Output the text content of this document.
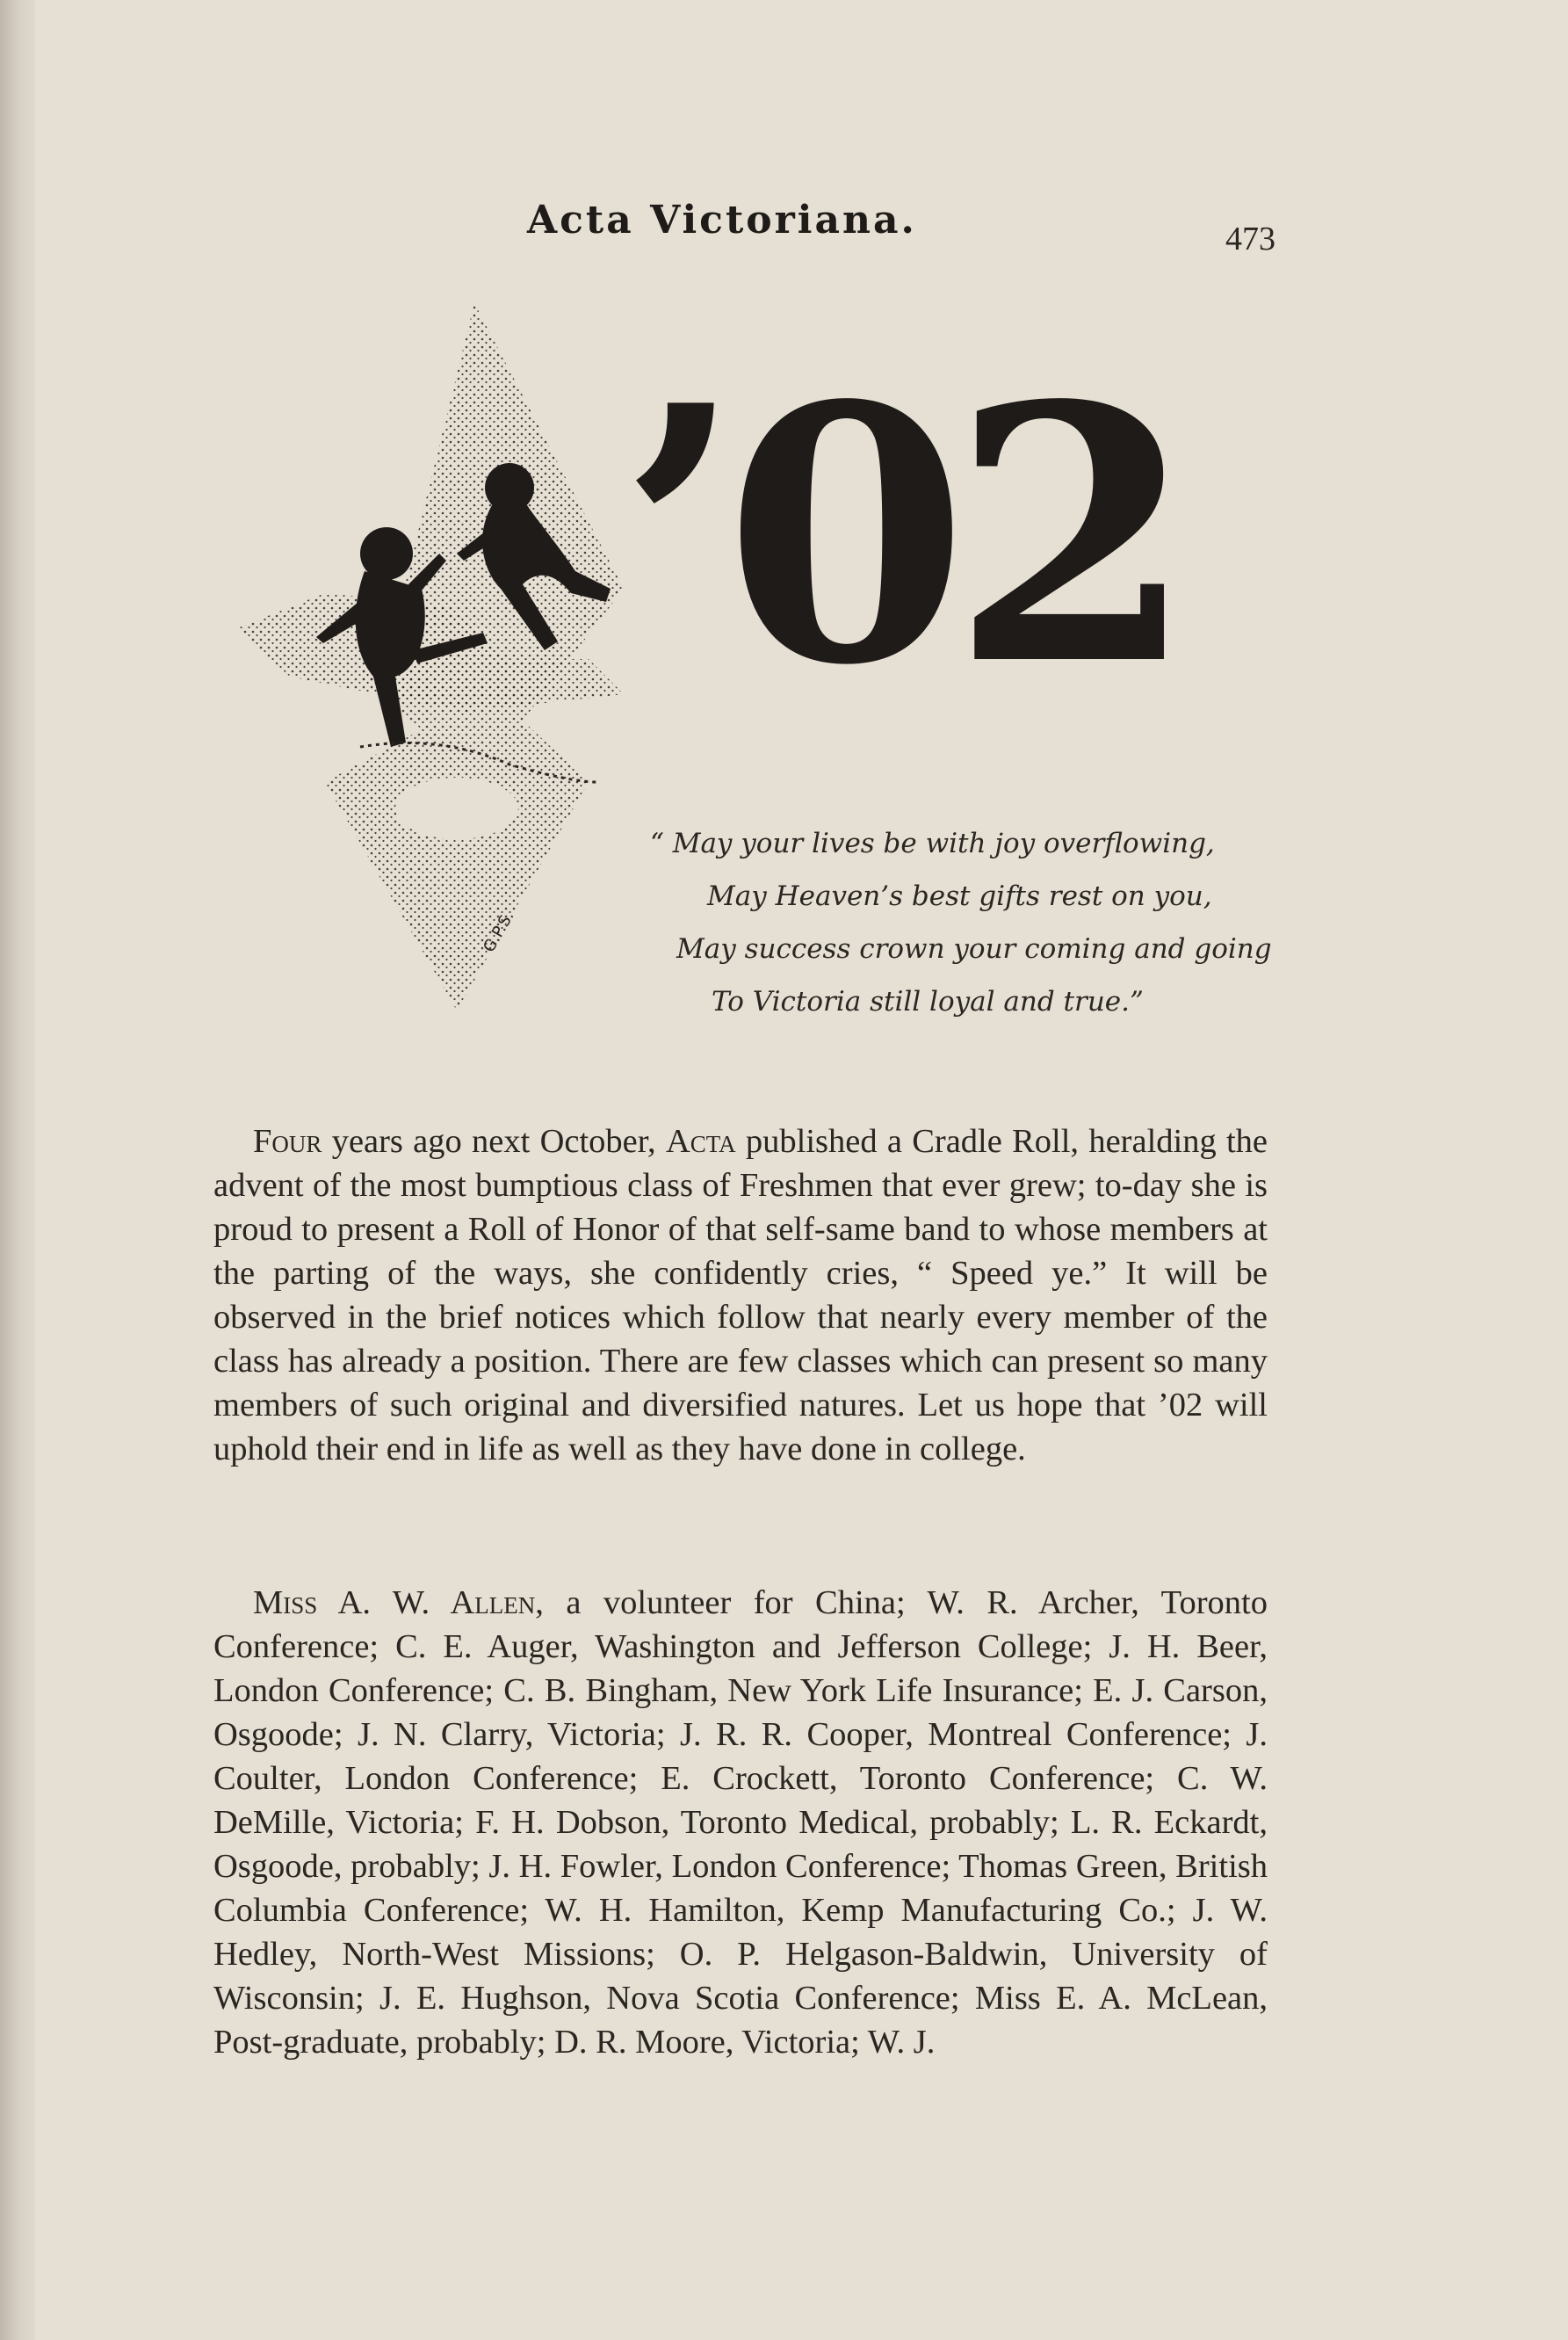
Acta Victoriana.	473
G.P.S.
’02
“ May your lives be with joy overflowing,
May Heaven’s best gifts rest on you,
May success crown your coming and going
To Victoria still loyal and true.”

Four years ago next October, Acta published a Cradle Roll, heralding the advent of the most bumptious class of Freshmen that ever grew; to-day she is proud to present a Roll of Honor of that self-same band to whose members at the parting of the ways, she confidently cries, “ Speed ye.” It will be observed in the brief notices which follow that nearly every member of the class has already a position. There are few classes which can present so many members of such original and diversified natures. Let us hope that ’02 will uphold their end in life as well as they have done in college.

Miss A. W. Allen, a volunteer for China; W. R. Archer, Toronto Conference; C. E. Auger, Washington and Jefferson College; J. H. Beer, London Conference; C. B. Bingham, New York Life Insurance; E. J. Carson, Osgoode; J. N. Clarry, Victoria; J. R. R. Cooper, Montreal Conference; J. Coulter, London Conference; E. Crockett, Toronto Conference; C. W. DeMille, Victoria; F. H. Dobson, Toronto Medical, probably; L. R. Eckardt, Osgoode, probably; J. H. Fowler, London Conference; Thomas Green, British Columbia Conference; W. H. Hamilton, Kemp Manufacturing Co.; J. W. Hedley, North-West Missions; O. P. Helgason-Baldwin, University of Wisconsin; J. E. Hughson, Nova Scotia Conference; Miss E. A. McLean, Post-graduate, probably; D. R. Moore, Victoria; W. J.
